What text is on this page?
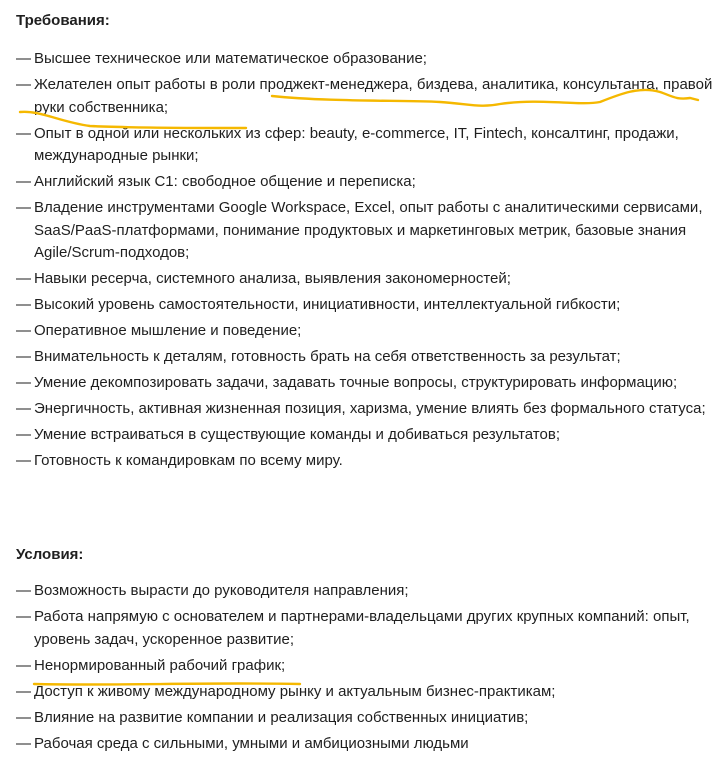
Требования:
— Высшее техническое или математическое образование;
— Желателен опыт работы в роли проджект-менеджера, биздева, аналитика, консультанта, правой руки собственника;
— Опыт в одной или нескольких из сфер: beauty, e-commerce, IT, Fintech, консалтинг, продажи, международные рынки;
— Английский язык C1: свободное общение и переписка;
— Владение инструментами Google Workspace, Excel, опыт работы с аналитическими сервисами, SaaS/PaaS-платформами, понимание продуктовых и маркетинговых метрик, базовые знания Agile/Scrum-подходов;
— Навыки ресерча, системного анализа, выявления закономерностей;
— Высокий уровень самостоятельности, инициативности, интеллектуальной гибкости;
— Оперативное мышление и поведение;
— Внимательность к деталям, готовность брать на себя ответственность за результат;
— Умение декомпозировать задачи, задавать точные вопросы, структурировать информацию;
— Энергичность, активная жизненная позиция, харизма, умение влиять без формального статуса;
— Умение встраиваться в существующие команды и добиваться результатов;
— Готовность к командировкам по всему миру.
Условия:
— Возможность вырасти до руководителя направления;
— Работа напрямую с основателем и партнерами-владельцами других крупных компаний: опыт, уровень задач, ускоренное развитие;
— Ненормированный рабочий график;
— Доступ к живому международному рынку и актуальным бизнес-практикам;
— Влияние на развитие компании и реализация собственных инициатив;
— Рабочая среда с сильными, умными и амбициозными людьми
